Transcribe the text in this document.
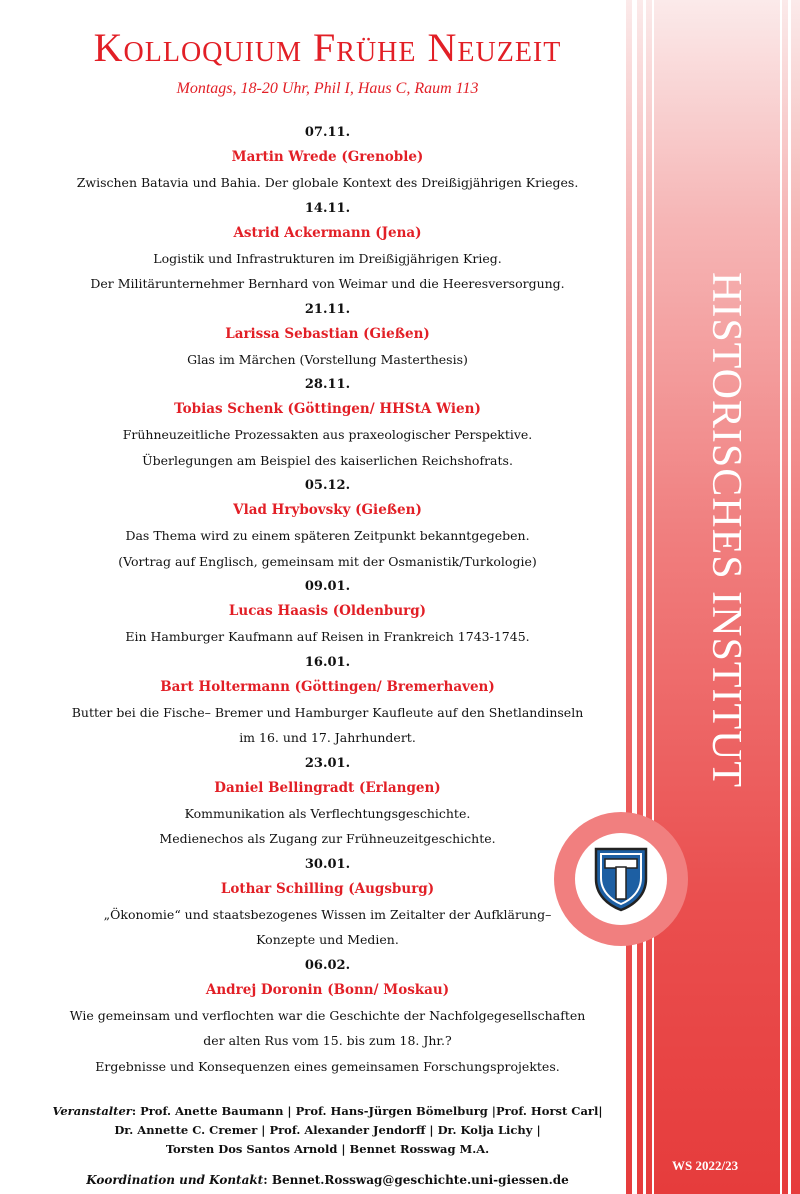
Kolloquium Frühe Neuzeit
Montags, 18-20 Uhr, Phil I, Haus C, Raum 113
07.11.
Martin Wrede (Grenoble)
Zwischen Batavia und Bahia. Der globale Kontext des Dreißigjährigen Krieges.
14.11.
Astrid Ackermann (Jena)
Logistik und Infrastrukturen im Dreißigjährigen Krieg.
Der Militärunternehmer Bernhard von Weimar und die Heeresversorgung.
21.11.
Larissa Sebastian (Gießen)
Glas im Märchen (Vorstellung Masterthesis)
28.11.
Tobias Schenk (Göttingen/ HHStA Wien)
Frühneuzeitliche Prozessakten aus praxeologischer Perspektive.
Überlegungen am Beispiel des kaiserlichen Reichshofrats.
05.12.
Vlad Hrybovsky (Gießen)
Das Thema wird zu einem späteren Zeitpunkt bekanntgegeben.
(Vortrag auf Englisch, gemeinsam mit der Osmanistik/Turkologie)
09.01.
Lucas Haasis (Oldenburg)
Ein Hamburger Kaufmann auf Reisen in Frankreich 1743-1745.
16.01.
Bart Holtermann (Göttingen/ Bremerhaven)
Butter bei die Fische– Bremer und Hamburger Kaufleute auf den Shetlandinseln
im 16. und 17. Jahrhundert.
23.01.
Daniel Bellingradt (Erlangen)
Kommunikation als Verflechtungsgeschichte.
Medienechos als Zugang zur Frühneuzeitgeschichte.
30.01.
Lothar Schilling (Augsburg)
„Ökonomie“ und staatsbezogenes Wissen im Zeitalter der Aufklärung–
Konzepte und Medien.
06.02.
Andrej Doronin (Bonn/ Moskau)
Wie gemeinsam und verflochten war die Geschichte der Nachfolgegesellschaften
der alten Rus vom 15. bis zum 18. Jhr.?
Ergebnisse und Konsequenzen eines gemeinsamen Forschungsprojektes.
Veranstalter: Prof. Anette Baumann | Prof. Hans-Jürgen Bömelburg |Prof. Horst Carl|
Dr. Annette C. Cremer | Prof. Alexander Jendorff | Dr. Kolja Lichy |
Torsten Dos Santos Arnold | Bennet Rosswag M.A.
Koordination und Kontakt: Bennet.Rosswag@geschichte.uni-giessen.de
HISTORISCHES INSTITUT
WS 2022/23
